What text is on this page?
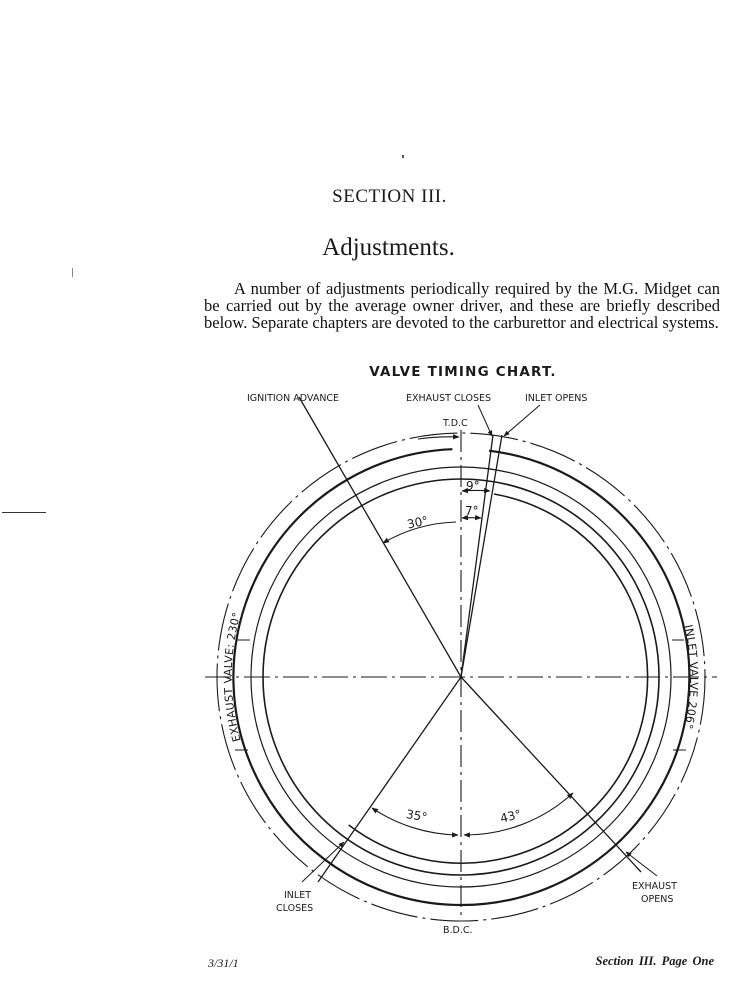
SECTION III.
Adjustments.

A number of adjustments periodically required by the M.G. Midget can be carried out by the average owner driver, and these are briefly described below. Separate chapters are devoted to the carburettor and electrical systems.

VALVE TIMING CHART.
IGNITION ADVANCE	EXHAUST CLOSES	INLET OPENS
T.D.C
B.D.C.
INLET
CLOSES
EXHAUST
OPENS
30°
9°
7°
35°	43°
EXHAUST VALVE: 230°
INLET VALVE 206°
3/31/1	Section III. Page One
